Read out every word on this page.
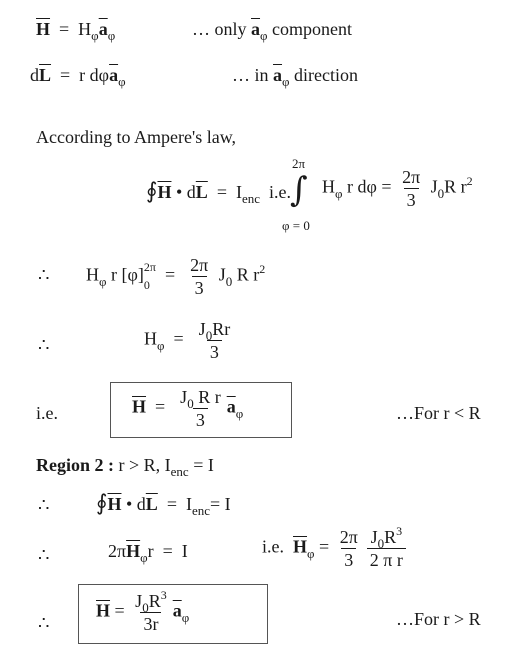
$\overline{H} = H_\varphi\overline{a}_\varphi$	… only $\overline{a}_\varphi$ component
$d\overline{L} = r$ $d\varphi\overline{a}_\varphi$	… in $\overline{a}_\varphi$ direction
According to Ampere's law,
$∮\overline{H}$ • $d\overline{L} = I_{enc}$  i.e.
2π
∫
φ = 0
$H_\varphi$ r $d\varphi = \frac{2\pi}{3} J_0R$ $r^2$
∴ $H_\varphi$ r [φ] 2π
$0 = \frac{2\pi}{3} J_0$ R $r^2$
∴	$H_\varphi = \frac{J_0Rr}{3}$
i.e.	$\overline{H} = \frac{J_0 R r}{3} \overline{a}_\varphi$	…For r < R
Region 2 : r > R, $I_{enc} = I$
∴ $∮\overline{H}$ • $d\overline{L} = I_{enc}= I$
∴	$2\pi\overline{H}_\varphi r = I$	i.e.  $\overline{H}_\varphi = \frac{2\pi}{3} \frac{J_0R^3}{\text{2 π r}}$
∴
$\overline{H} = \frac{J_0R^3}{3r} \overline{a}_\varphi$	…For r > R
